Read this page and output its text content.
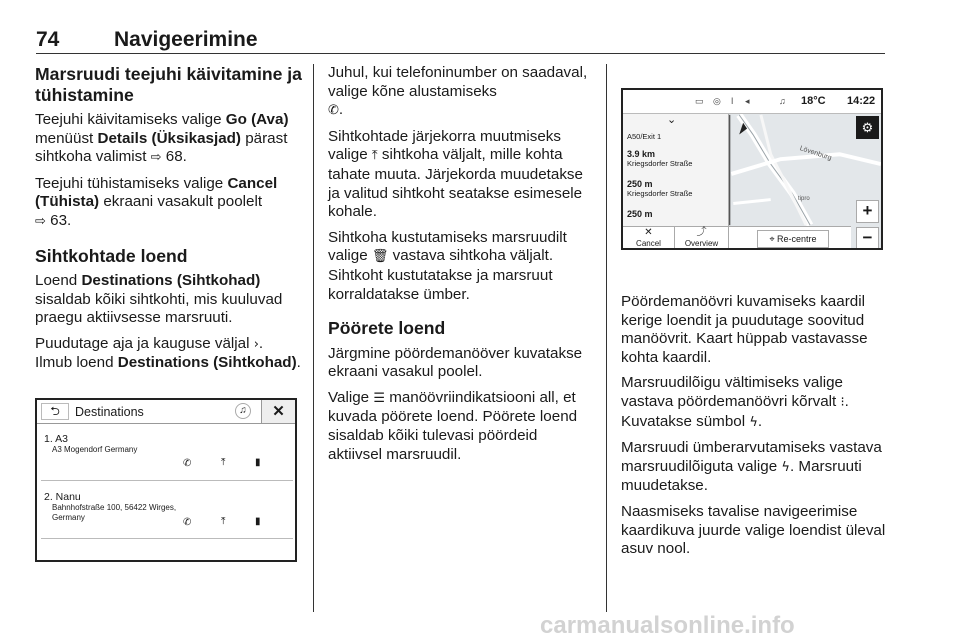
74	Navigeerimine
Marsruudi teejuhi käivitamine ja tühistamine

Teejuhi käivitamiseks valige Go (Ava) menüüst Details (Üksikasjad) pärast sihtkoha valimist ⇨ 68.

Teejuhi tühistamiseks valige Cancel (Tühista) ekraani vasakult poolelt
⇨ 63.

Sihtkohtade loend

Loend Destinations (Sihtkohad) sisaldab kõiki sihtkohti, mis kuuluvad praegu aktiivsesse marsruuti.

Puudutage aja ja kauguse väljal ›.
Ilmub loend Destinations (Sihtkohad).

⮌	Destinations	♫	✕
1. A3
A3 Mogendorf Germany
✆	⤒	▮
2. Nanu
Bahnhofstraße 100, 56422 Wirges,
Germany	✆	⤒	▮

Juhul, kui telefoninumber on saadaval, valige kõne alustamiseks
✆.

Sihtkohtade järjekorra muutmiseks valige ⤒ sihtkoha väljalt, mille kohta tahate muuta. Järjekorda muudetakse ja valitud sihtkoht seatakse esimesele kohale.

Sihtkoha kustutamiseks marsruudilt valige 🗑 vastava sihtkoha väljalt. Sihtkoht kustutatakse ja marsruut korraldatakse ümber.

Pöörete loend

Järgmine pöördemanööver kuvatakse ekraani vasakul poolel.

Valige ☰ manöövriindikatsiooni all, et kuvada pöörete loend. Pöörete loend sisaldab kõiki tulevasi pöördeid aktiivsel marsruudil.

▭ ◎ ǀ ◂	♫ 18°C 14:22
⌄
A50/Exit 1
3.9 km
Kriegsdorfer Straße
250 m
Kriegsdorfer Straße
250 m
Lövenburg
tipro
⚙
+
−
✕
Cancel
⤴
Overview	⌖ Re-centre

Pöördemanöövri kuvamiseks kaardil kerige loendit ja puudutage soovitud manöövrit. Kaart hüppab vastavasse kohta kaardil.

Marsruudilõigu vältimiseks valige vastava pöördemanöövri kõrvalt ⁝. Kuvatakse sümbol ϟ.

Marsruudi ümberarvutamiseks vastava marsruudilõiguta valige ϟ. Marsruuti muudetakse.

Naasmiseks tavalise navigeerimise kaardikuva juurde valige loendist üleval asuv nool.

carmanualsonline.info
